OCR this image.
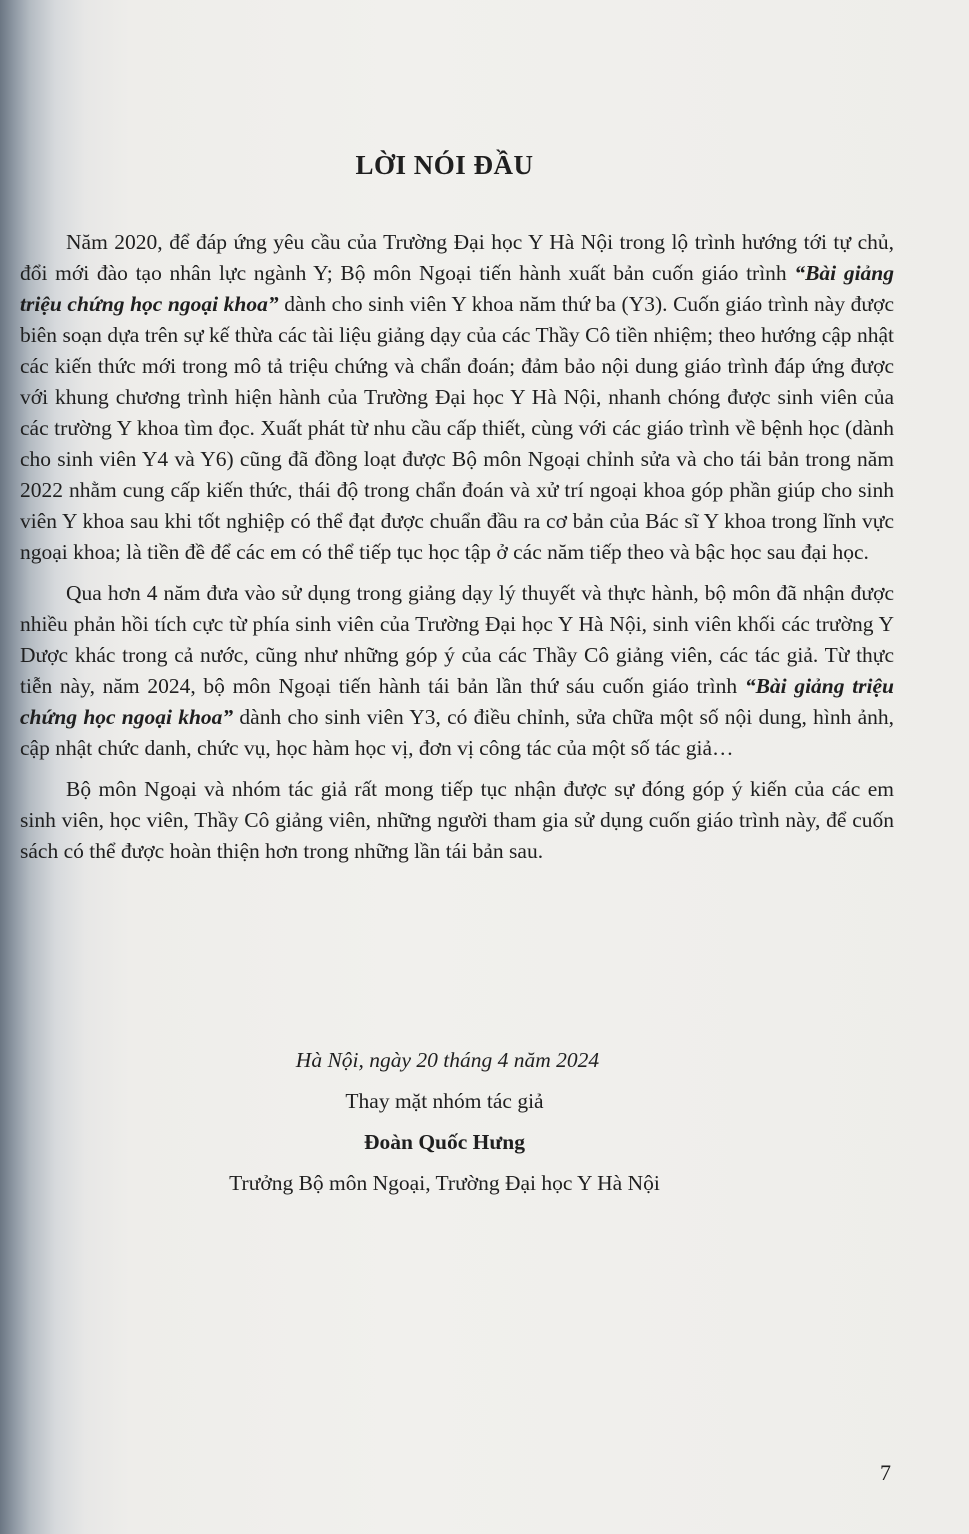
LỜI NÓI ĐẦU

Năm 2020, để đáp ứng yêu cầu của Trường Đại học Y Hà Nội trong lộ trình hướng tới tự chủ, đổi mới đào tạo nhân lực ngành Y; Bộ môn Ngoại tiến hành xuất bản cuốn giáo trình “Bài giảng triệu chứng học ngoại khoa” dành cho sinh viên Y khoa năm thứ ba (Y3). Cuốn giáo trình này được biên soạn dựa trên sự kế thừa các tài liệu giảng dạy của các Thầy Cô tiền nhiệm; theo hướng cập nhật các kiến thức mới trong mô tả triệu chứng và chẩn đoán; đảm bảo nội dung giáo trình đáp ứng được với khung chương trình hiện hành của Trường Đại học Y Hà Nội, nhanh chóng được sinh viên của các trường Y khoa tìm đọc. Xuất phát từ nhu cầu cấp thiết, cùng với các giáo trình về bệnh học (dành cho sinh viên Y4 và Y6) cũng đã đồng loạt được Bộ môn Ngoại chỉnh sửa và cho tái bản trong năm 2022 nhằm cung cấp kiến thức, thái độ trong chẩn đoán và xử trí ngoại khoa góp phần giúp cho sinh viên Y khoa sau khi tốt nghiệp có thể đạt được chuẩn đầu ra cơ bản của Bác sĩ Y khoa trong lĩnh vực ngoại khoa; là tiền đề để các em có thể tiếp tục học tập ở các năm tiếp theo và bậc học sau đại học.

Qua hơn 4 năm đưa vào sử dụng trong giảng dạy lý thuyết và thực hành, bộ môn đã nhận được nhiều phản hồi tích cực từ phía sinh viên của Trường Đại học Y Hà Nội, sinh viên khối các trường Y Dược khác trong cả nước, cũng như những góp ý của các Thầy Cô giảng viên, các tác giả. Từ thực tiễn này, năm 2024, bộ môn Ngoại tiến hành tái bản lần thứ sáu cuốn giáo trình “Bài giảng triệu chứng học ngoại khoa” dành cho sinh viên Y3, có điều chỉnh, sửa chữa một số nội dung, hình ảnh, cập nhật chức danh, chức vụ, học hàm học vị, đơn vị công tác của một số tác giả…

Bộ môn Ngoại và nhóm tác giả rất mong tiếp tục nhận được sự đóng góp ý kiến của các em sinh viên, học viên, Thầy Cô giảng viên, những người tham gia sử dụng cuốn giáo trình này, để cuốn sách có thể được hoàn thiện hơn trong những lần tái bản sau.

Hà Nội, ngày 20 tháng 4 năm 2024
Thay mặt nhóm tác giả
Đoàn Quốc Hưng
Trưởng Bộ môn Ngoại, Trường Đại học Y Hà Nội
7
